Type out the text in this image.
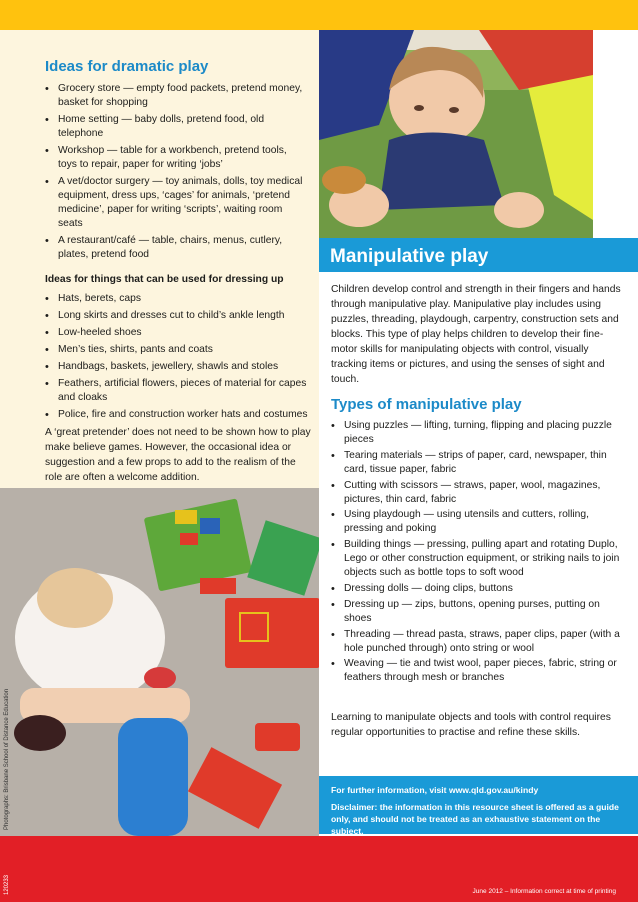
Ideas for dramatic play
• Grocery store — empty food packets, pretend money, basket for shopping
• Home setting — baby dolls, pretend food, old telephone
• Workshop — table for a workbench, pretend tools, toys to repair, paper for writing ‘jobs’
• A vet/doctor surgery — toy animals, dolls, toy medical equipment, dress ups, ‘cages’ for animals, ‘pretend medicine’, paper for writing ‘scripts’, waiting room seats
• A restaurant/café — table, chairs, menus, cutlery, plates, pretend food
Ideas for things that can be used for dressing up
• Hats, berets, caps
• Long skirts and dresses cut to child’s ankle length
• Low-heeled shoes
• Men’s ties, shirts, pants and coats
• Handbags, baskets, jewellery, shawls and stoles
• Feathers, artificial flowers, pieces of material for capes and cloaks
• Police, fire and construction worker hats and costumes

A ‘great pretender’ does not need to be shown how to play make believe games. However, the occasional idea or suggestion and a few props to add to the realism of the role are often a welcome addition.

Manipulative play

Children develop control and strength in their fingers and hands through manipulative play. Manipulative play includes using puzzles, threading, playdough, carpentry, construction sets and blocks. This type of play helps children to develop their fine-motor skills for manipulating objects with control, visually tracking items or pictures, and using the senses of sight and touch.

Types of manipulative play
• Using puzzles — lifting, turning, flipping and placing puzzle pieces
• Tearing materials — strips of paper, card, newspaper, thin card, tissue paper, fabric
• Cutting with scissors — straws, paper, wool, magazines, pictures, thin card, fabric
• Using playdough — using utensils and cutters, rolling, pressing and poking
• Building things — pressing, pulling apart and rotating Duplo, Lego or other construction equipment, or striking nails to join objects such as bottle tops to soft wood
• Dressing dolls — doing clips, buttons
• Dressing up — zips, buttons, opening purses, putting on shoes
• Threading — thread pasta, straws, paper clips, paper (with a hole punched through) onto string or wool
• Weaving — tie and twist wool, paper pieces, fabric, string or feathers through mesh or branches

Learning to manipulate objects and tools with control requires regular opportunities to practise and refine these skills.

Photographs: Brisbane School of Distance Education	For further information, visit www.qld.gov.au/kindy

Disclaimer: the information in this resource sheet is offered as a guide only, and should not be treated as an exhaustive statement on the subject.

120233	June 2012 – Information correct at time of printing
